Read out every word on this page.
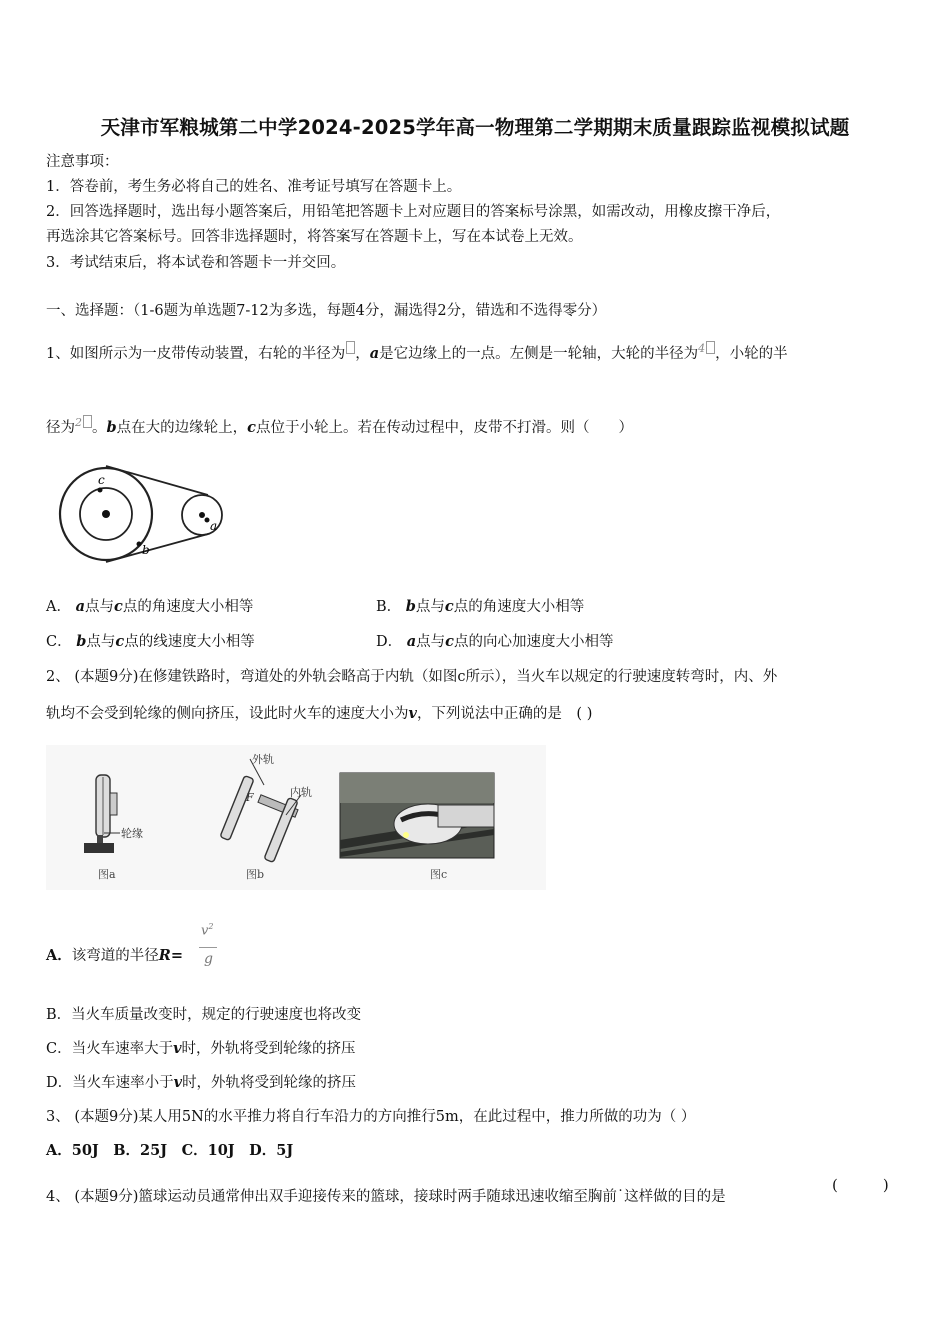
天津市军粮城第二中学2024-2025学年高一物理第二学期期末质量跟踪监视模拟试题
注意事项：
1．答卷前，考生务必将自己的姓名、准考证号填写在答题卡上。
2．回答选择题时，选出每小题答案后，用铅笔把答题卡上对应题目的答案标号涂黑，如需改动，用橡皮擦干净后，
再选涂其它答案标号。回答非选择题时，将答案写在答题卡上，写在本试卷上无效。
3．考试结束后，将本试卷和答题卡一并交回。
一、选择题：（1-6题为单选题7-12为多选，每题4分，漏选得2分，错选和不选得零分）
1、如图所示为一皮带传动装置，右轮的半径为 ，a是它边缘上的一点。左侧是一轮轴，大轮的半径为$^4$ ，小轮的半
径为$^2$ 。b点在大的边缘轮上，c点位于小轮上。若在传动过程中，皮带不打滑。则（　　）
c
b
a
A． a点与c点的角速度大小相等	B． b点与c点的角速度大小相等
C． b点与c点的线速度大小相等	D． a点与c点的向心加速度大小相等
2、 (本题9分)在修建铁路时，弯道处的外轨会略高于内轨（如图c所示），当火车以规定的行驶速度转弯时，内、外
轨均不会受到轮缘的侧向挤压，设此时火车的速度大小为v，下列说法中正确的是　( )
轮缘
图a
外轨
内轨
F
图b	图c
A．该弯道的半径R=
$v^2$
g
B．当火车质量改变时，规定的行驶速度也将改变
C．当火车速率大于v时，外轨将受到轮缘的挤压
D．当火车速率小于v时，外轨将受到轮缘的挤压
3、 (本题9分)某人用5N的水平推力将自行车沿力的方向推行5m，在此过程中，推力所做的功为（ ）
A．50J　B．25J　C．10J　D．5J
4、 (本题9分)篮球运动员通常伸出双手迎接传来的篮球，接球时两手随球迅速收缩至胸前˙这样做的目的是
(　　　)
